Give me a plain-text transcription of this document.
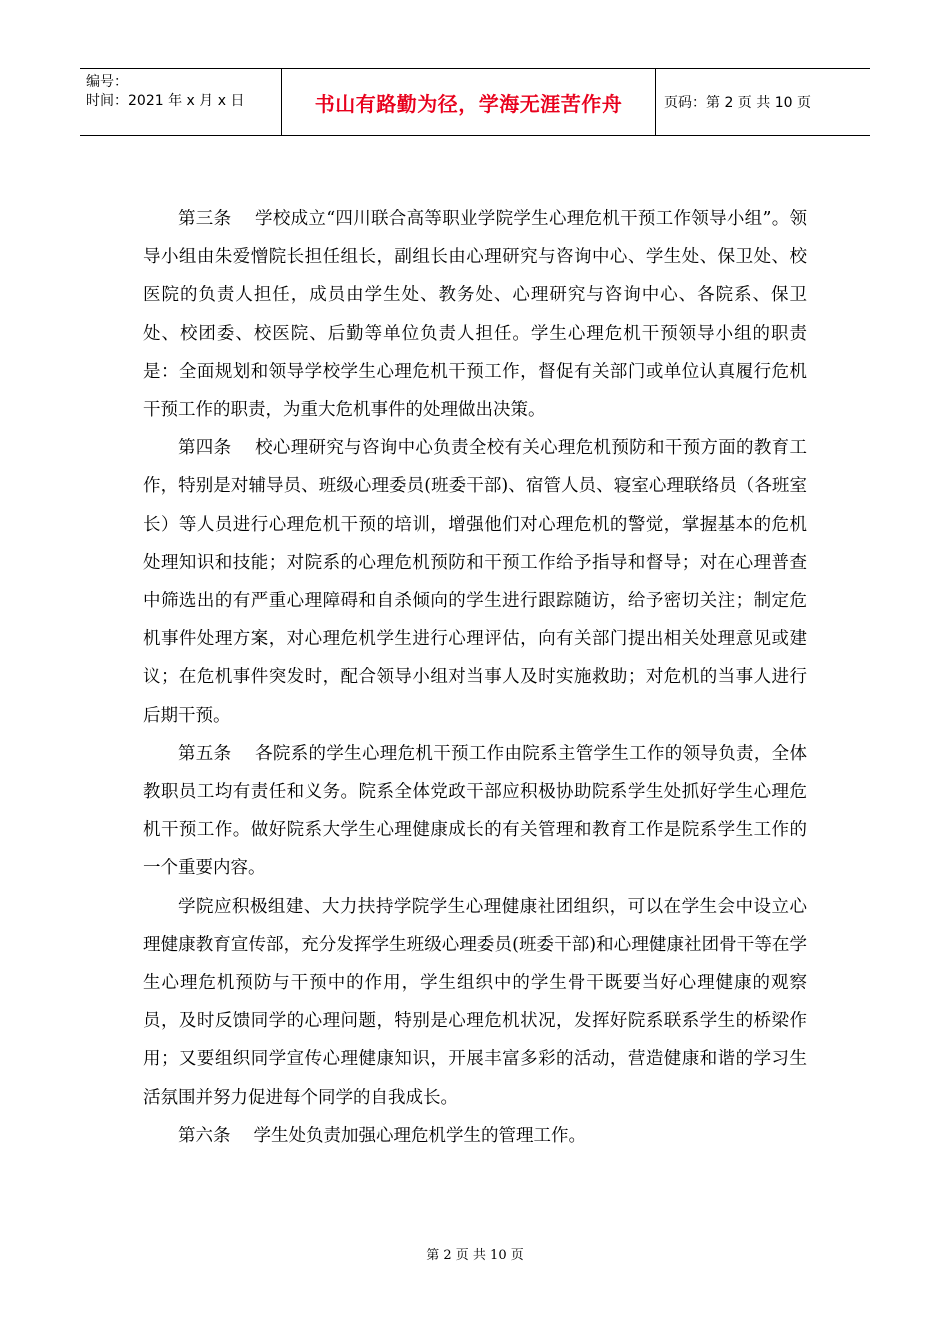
编号：
时间：2021 年 x 月 x 日	书山有路勤为径，学海无涯苦作舟	页码：第 2 页 共 10 页

第三条　 学校成立“四川联合高等职业学院学生心理危机干预工作领导小组”。领导小组由朱爱憎院长担任组长，副组长由心理研究与咨询中心、学生处、保卫处、校医院的负责人担任，成员由学生处、教务处、心理研究与咨询中心、各院系、保卫处、校团委、校医院、后勤等单位负责人担任。学生心理危机干预领导小组的职责是：全面规划和领导学校学生心理危机干预工作，督促有关部门或单位认真履行危机干预工作的职责，为重大危机事件的处理做出决策。

第四条　 校心理研究与咨询中心负责全校有关心理危机预防和干预方面的教育工作，特别是对辅导员、班级心理委员(班委干部)、宿管人员、寝室心理联络员（各班室长）等人员进行心理危机干预的培训，增强他们对心理危机的警觉，掌握基本的危机处理知识和技能；对院系的心理危机预防和干预工作给予指导和督导；对在心理普查中筛选出的有严重心理障碍和自杀倾向的学生进行跟踪随访，给予密切关注；制定危机事件处理方案，对心理危机学生进行心理评估，向有关部门提出相关处理意见或建议；在危机事件突发时，配合领导小组对当事人及时实施救助；对危机的当事人进行后期干预。

第五条　 各院系的学生心理危机干预工作由院系主管学生工作的领导负责，全体教职员工均有责任和义务。院系全体党政干部应积极协助院系学生处抓好学生心理危机干预工作。做好院系大学生心理健康成长的有关管理和教育工作是院系学生工作的一个重要内容。

学院应积极组建、大力扶持学院学生心理健康社团组织，可以在学生会中设立心理健康教育宣传部，充分发挥学生班级心理委员(班委干部)和心理健康社团骨干等在学生心理危机预防与干预中的作用，学生组织中的学生骨干既要当好心理健康的观察员，及时反馈同学的心理问题，特别是心理危机状况，发挥好院系联系学生的桥梁作用；又要组织同学宣传心理健康知识，开展丰富多彩的活动，营造健康和谐的学习生活氛围并努力促进每个同学的自我成长。

第六条　 学生处负责加强心理危机学生的管理工作。

第 2 页 共 10 页
